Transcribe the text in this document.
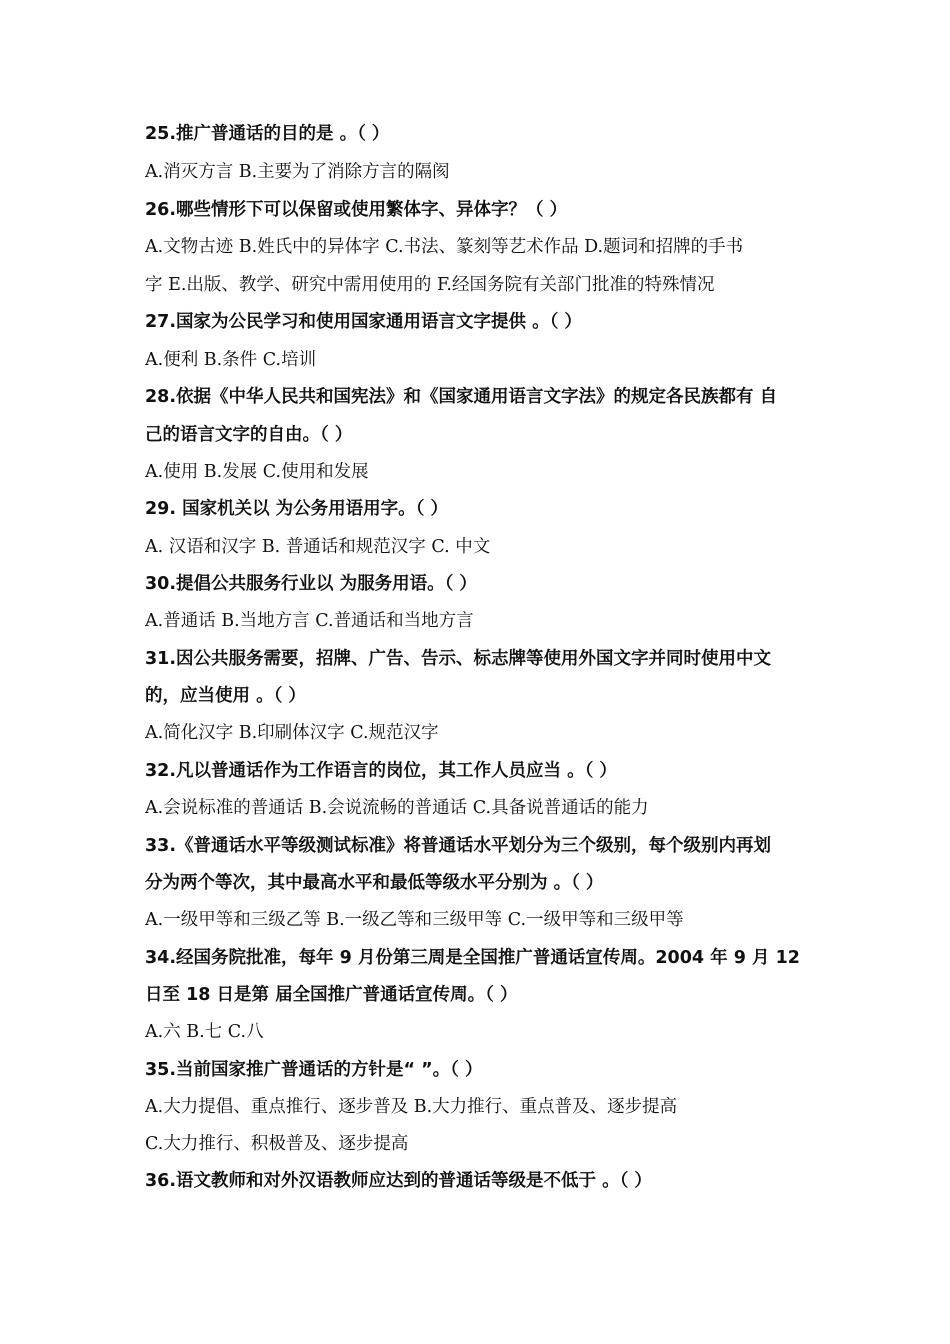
25.推广普通话的目的是 。（ ）
A.消灭方言 B.主要为了消除方言的隔阂
26.哪些情形下可以保留或使用繁体字、异体字？（ ）
A.文物古迹 B.姓氏中的异体字 C.书法、篆刻等艺术作品 D.题词和招牌的手书
字 E.出版、教学、研究中需用使用的 F.经国务院有关部门批准的特殊情况
27.国家为公民学习和使用国家通用语言文字提供 。（ ）
A.便利 B.条件 C.培训
28.依据《中华人民共和国宪法》和《国家通用语言文字法》的规定各民族都有 自
己的语言文字的自由。（ ）
A.使用 B.发展 C.使用和发展
29. 国家机关以 为公务用语用字。（ ）
A. 汉语和汉字 B. 普通话和规范汉字 C. 中文
30.提倡公共服务行业以 为服务用语。（ ）
A.普通话 B.当地方言 C.普通话和当地方言
31.因公共服务需要，招牌、广告、告示、标志牌等使用外国文字并同时使用中文
的，应当使用 。（ ）
A.简化汉字 B.印刷体汉字 C.规范汉字
32.凡以普通话作为工作语言的岗位，其工作人员应当 。（ ）
A.会说标准的普通话 B.会说流畅的普通话 C.具备说普通话的能力
33.《普通话水平等级测试标准》将普通话水平划分为三个级别，每个级别内再划
分为两个等次，其中最高水平和最低等级水平分别为 。（ ）
A.一级甲等和三级乙等 B.一级乙等和三级甲等 C.一级甲等和三级甲等
34.经国务院批准，每年 9 月份第三周是全国推广普通话宣传周。2004 年 9 月 12
日至 18 日是第 届全国推广普通话宣传周。（ ）
A.六 B.七 C.八
35.当前国家推广普通话的方针是“ ”。（ ）
A.大力提倡、重点推行、逐步普及 B.大力推行、重点普及、逐步提高
C.大力推行、积极普及、逐步提高
36.语文教师和对外汉语教师应达到的普通话等级是不低于 。（ ）
